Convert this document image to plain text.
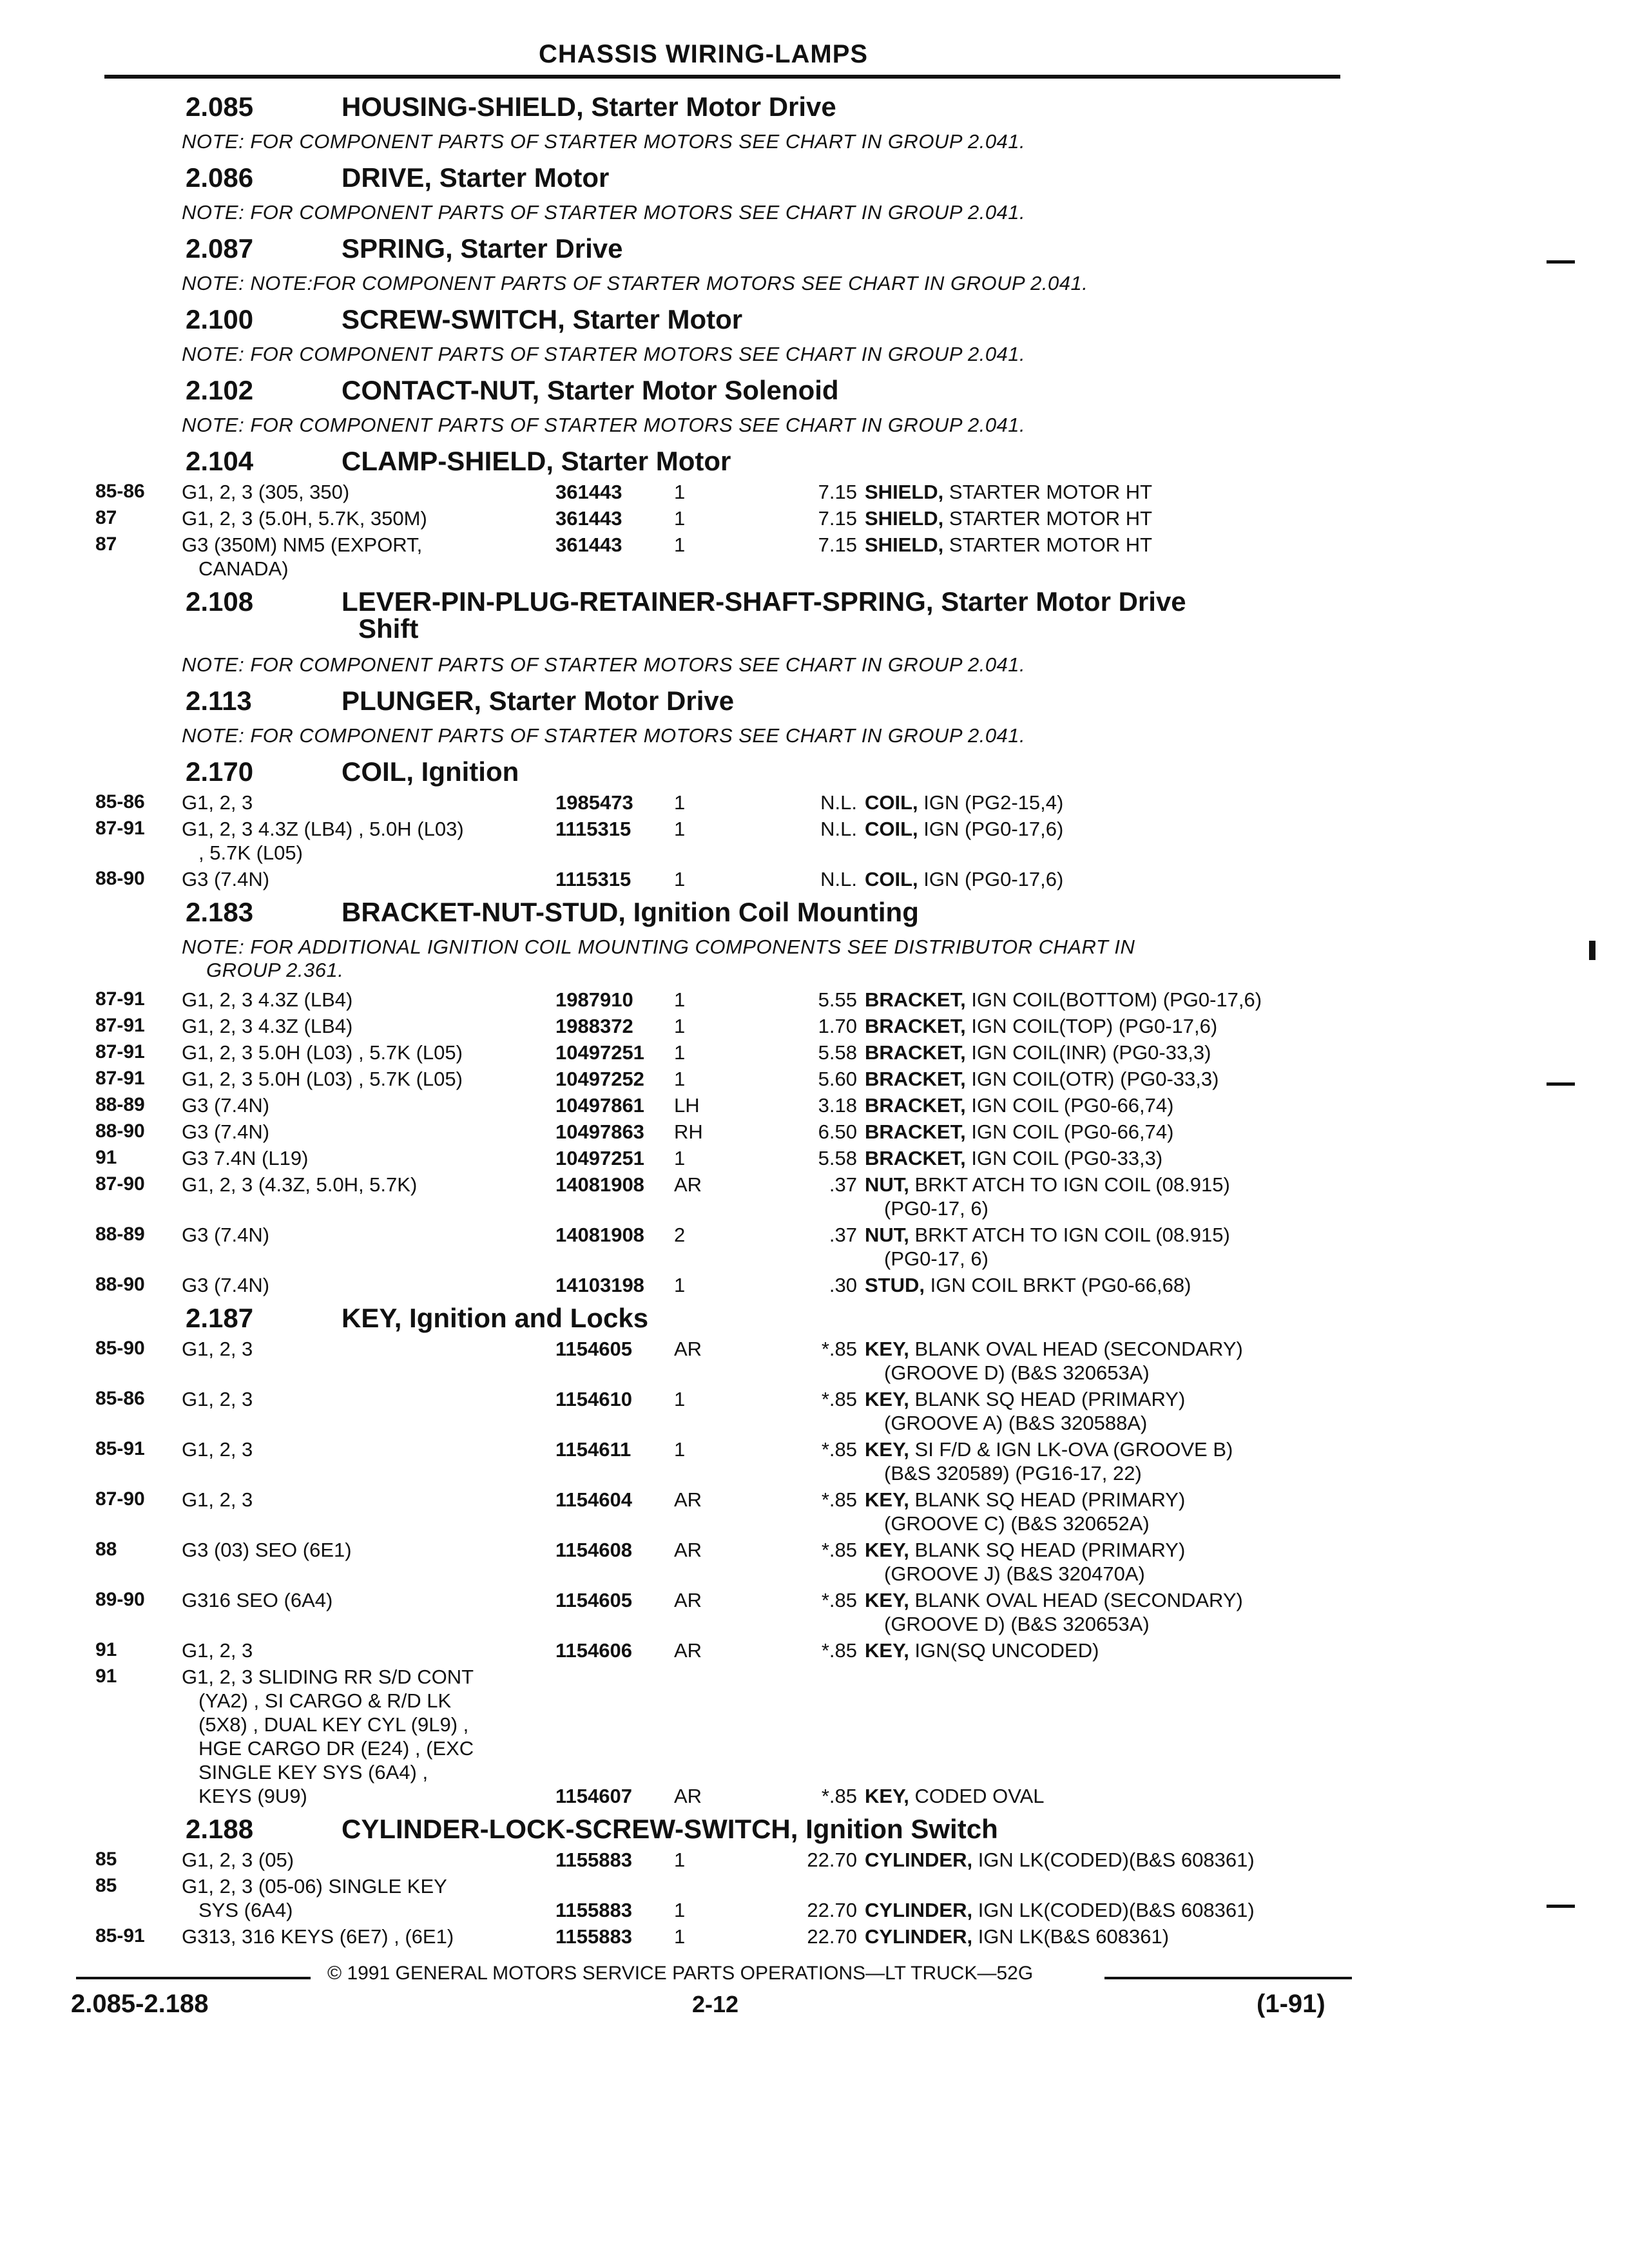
CHASSIS WIRING-LAMPS
2.085	HOUSING-SHIELD, Starter Motor Drive
NOTE: FOR COMPONENT PARTS OF STARTER MOTORS SEE CHART IN GROUP 2.041.
2.086	DRIVE, Starter Motor
NOTE: FOR COMPONENT PARTS OF STARTER MOTORS SEE CHART IN GROUP 2.041.
2.087	SPRING, Starter Drive
NOTE: NOTE:FOR COMPONENT PARTS OF STARTER MOTORS SEE CHART IN GROUP 2.041.
2.100	SCREW-SWITCH, Starter Motor
NOTE: FOR COMPONENT PARTS OF STARTER MOTORS SEE CHART IN GROUP 2.041.
2.102	CONTACT-NUT, Starter Motor Solenoid
NOTE: FOR COMPONENT PARTS OF STARTER MOTORS SEE CHART IN GROUP 2.041.
2.104	CLAMP-SHIELD, Starter Motor
85-86 G1, 2, 3 (305, 350)	361443	1	7.15 SHIELD, STARTER MOTOR HT
87	G1, 2, 3 (5.0H, 5.7K, 350M)	361443	1	7.15 SHIELD, STARTER MOTOR HT
87	G3 (350M) NM5 (EXPORT,
CANADA)
361443	1	7.15 SHIELD, STARTER MOTOR HT
2.108	LEVER-PIN-PLUG-RETAINER-SHAFT-SPRING, Starter Motor Drive
Shift
NOTE: FOR COMPONENT PARTS OF STARTER MOTORS SEE CHART IN GROUP 2.041.
2.113	PLUNGER, Starter Motor Drive
NOTE: FOR COMPONENT PARTS OF STARTER MOTORS SEE CHART IN GROUP 2.041.
2.170	COIL, Ignition
85-86 G1, 2, 3	1985473 1	N.L. COIL, IGN (PG2-15,4)
87-91 G1, 2, 3 4.3Z (LB4) , 5.0H (L03)
, 5.7K (L05)
1115315 1	N.L. COIL, IGN (PG0-17,6)
88-90 G3 (7.4N)	1115315 1	N.L. COIL, IGN (PG0-17,6)
2.183	BRACKET-NUT-STUD, Ignition Coil Mounting
NOTE: FOR ADDITIONAL IGNITION COIL MOUNTING COMPONENTS SEE DISTRIBUTOR CHART IN
GROUP 2.361.
87-91 G1, 2, 3 4.3Z (LB4)	1987910 1	5.55 BRACKET, IGN COIL(BOTTOM) (PG0-17,6)
87-91 G1, 2, 3 4.3Z (LB4)	1988372 1	1.70 BRACKET, IGN COIL(TOP) (PG0-17,6)
87-91 G1, 2, 3 5.0H (L03) , 5.7K (L05)	10497251 1	5.58 BRACKET, IGN COIL(INR) (PG0-33,3)
87-91 G1, 2, 3 5.0H (L03) , 5.7K (L05)	10497252 1	5.60 BRACKET, IGN COIL(OTR) (PG0-33,3)
88-89 G3 (7.4N)	10497861 LH	3.18 BRACKET, IGN COIL (PG0-66,74)
88-90 G3 (7.4N)	10497863 RH	6.50 BRACKET, IGN COIL (PG0-66,74)
91	G3 7.4N (L19)	10497251 1	5.58 BRACKET, IGN COIL (PG0-33,3)
87-90 G1, 2, 3 (4.3Z, 5.0H, 5.7K)	14081908 AR	.37 NUT, BRKT ATCH TO IGN COIL (08.915)
(PG0-17, 6)
88-89 G3 (7.4N)	14081908 2	.37 NUT, BRKT ATCH TO IGN COIL (08.915)
(PG0-17, 6)
88-90 G3 (7.4N)	14103198 1	.30 STUD, IGN COIL BRKT (PG0-66,68)
2.187	KEY, Ignition and Locks
85-90 G1, 2, 3	1154605 AR	*.85 KEY, BLANK OVAL HEAD (SECONDARY)
(GROOVE D) (B&S 320653A)
85-86 G1, 2, 3	1154610 1	*.85 KEY, BLANK SQ HEAD (PRIMARY)
(GROOVE A) (B&S 320588A)
85-91 G1, 2, 3	1154611 1	*.85 KEY, SI F/D & IGN LK-OVA (GROOVE B)
(B&S 320589) (PG16-17, 22)
87-90 G1, 2, 3	1154604 AR	*.85 KEY, BLANK SQ HEAD (PRIMARY)
(GROOVE C) (B&S 320652A)
88	G3 (03) SEO (6E1)	1154608 AR	*.85 KEY, BLANK SQ HEAD (PRIMARY)
(GROOVE J) (B&S 320470A)
89-90 G316 SEO (6A4)	1154605 AR	*.85 KEY, BLANK OVAL HEAD (SECONDARY)
(GROOVE D) (B&S 320653A)
91	G1, 2, 3	1154606 AR	*.85 KEY, IGN(SQ UNCODED)
91	G1, 2, 3 SLIDING RR S/D CONT
(YA2) , SI CARGO & R/D LK
(5X8) , DUAL KEY CYL (9L9) ,
HGE CARGO DR (E24) , (EXC
SINGLE KEY SYS (6A4) ,
KEYS (9U9)	1154607 AR	*.85 KEY, CODED OVAL
2.188	CYLINDER-LOCK-SCREW-SWITCH, Ignition Switch
85	G1, 2, 3 (05)	1155883 1	22.70 CYLINDER, IGN LK(CODED)(B&S 608361)
85	G1, 2, 3 (05-06) SINGLE KEY
SYS (6A4)	1155883 1	22.70 CYLINDER, IGN LK(CODED)(B&S 608361)
85-91 G313, 316 KEYS (6E7) , (6E1)	1155883 1	22.70 CYLINDER, IGN LK(B&S 608361)
© 1991 GENERAL MOTORS SERVICE PARTS OPERATIONS—LT TRUCK—52G
2.085-2.188	2-12	(1-91)
